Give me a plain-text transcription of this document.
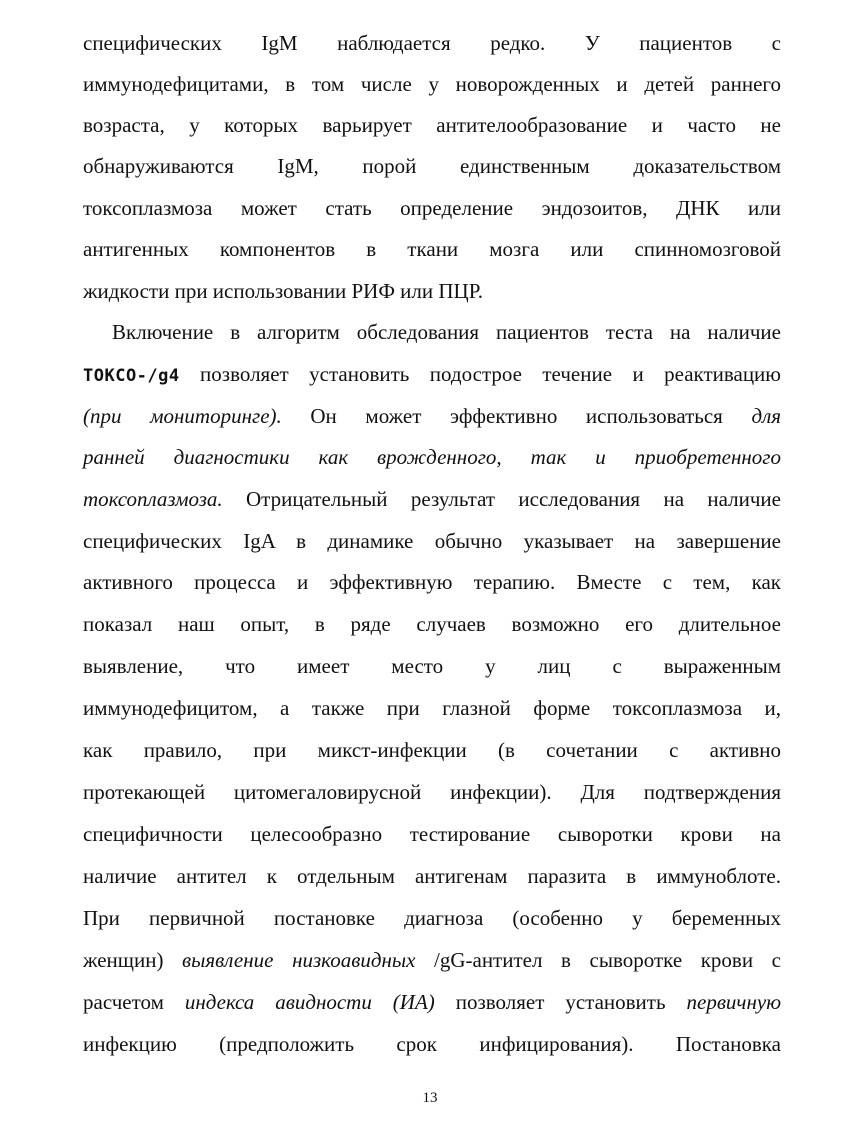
специфических IgM наблюдается редко. У пациентов с
иммунодефицитами, в том числе у новорожденных и детей раннего
возраста, у которых варьирует антителообразование и часто не
обнаруживаются IgM, порой единственным доказательством
токсоплазмоза может стать определение эндозоитов, ДНК или
антигенных компонентов в ткани мозга или спинномозговой
жидкости при использовании РИФ или ПЦР.
Включение в алгоритм обследования пациентов теста на наличие
ТОКСО-/g4 позволяет установить подострое течение и реактивацию
(при мониторинге). Он может эффективно использоваться для
ранней диагностики как врожденного, так и приобретенного
токсоплазмоза. Отрицательный результат исследования на наличие
специфических IgA в динамике обычно указывает на завершение
активного процесса и эффективную терапию. Вместе с тем, как
показал наш опыт, в ряде случаев возможно его длительное
выявление, что имеет место у лиц с выраженным
иммунодефицитом, а также при глазной форме токсоплазмоза и,
как правило, при микст-инфекции (в сочетании с активно
протекающей цитомегаловирусной инфекции). Для подтверждения
специфичности целесообразно тестирование сыворотки крови на
наличие антител к отдельным антигенам паразита в иммуноблоте.
При первичной постановке диагноза (особенно у беременных
женщин) выявление низкоавидных /gG-антител в сыворотке крови с
расчетом индекса авидности (ИА) позволяет установить первичную
инфекцию (предположить срок инфицирования). Постановка
13
